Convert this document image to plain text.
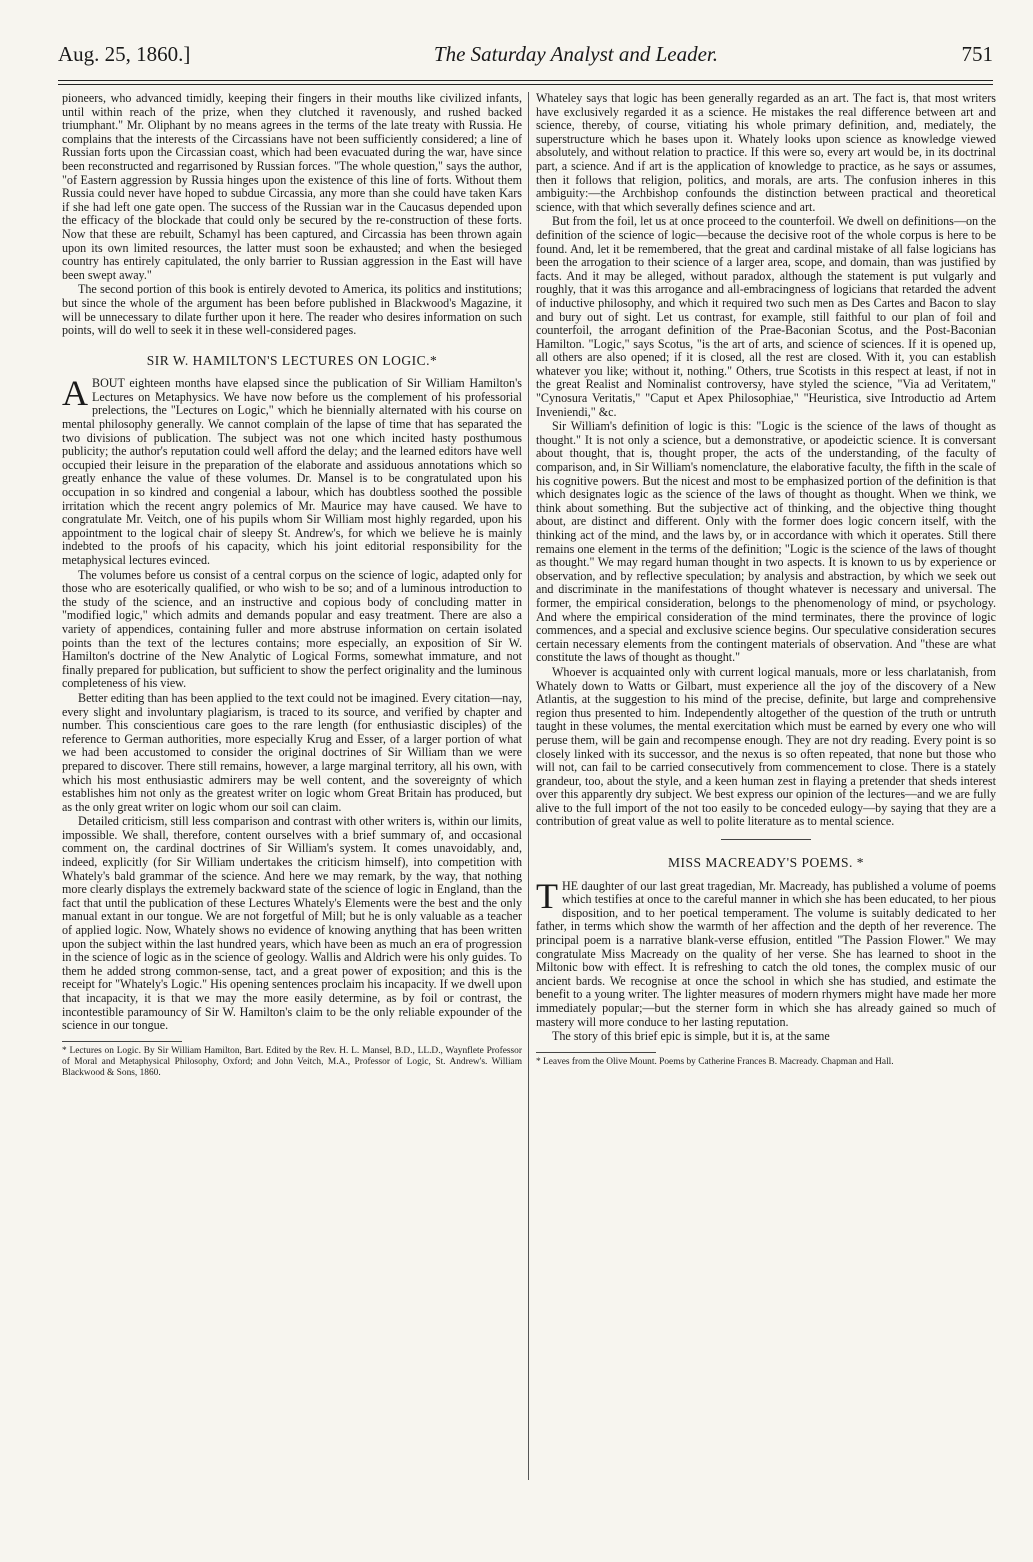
Aug. 25, 1860.]	The Saturday Analyst and Leader.	751

pioneers, who advanced timidly, keeping their fingers in their mouths like civilized infants, until within reach of the prize, when they clutched it ravenously, and rushed backed triumphant." Mr. Oliphant by no means agrees in the terms of the late treaty with Russia. He complains that the interests of the Circassians have not been sufficiently considered; a line of Russian forts upon the Circassian coast, which had been evacuated during the war, have since been reconstructed and regarrisoned by Russian forces. "The whole question," says the author, "of Eastern aggression by Russia hinges upon the existence of this line of forts. Without them Russia could never have hoped to subdue Circassia, any more than she could have taken Kars if she had left one gate open. The success of the Russian war in the Caucasus depended upon the efficacy of the blockade that could only be secured by the re-construction of these forts. Now that these are rebuilt, Schamyl has been captured, and Circassia has been thrown again upon its own limited resources, the latter must soon be exhausted; and when the besieged country has entirely capitulated, the only barrier to Russian aggression in the East will have been swept away."

The second portion of this book is entirely devoted to America, its politics and institutions; but since the whole of the argument has been before published in Blackwood's Magazine, it will be unnecessary to dilate further upon it here. The reader who desires information on such points, will do well to seek it in these well-considered pages.

SIR W. HAMILTON'S LECTURES ON LOGIC.*

ABOUT eighteen months have elapsed since the publication of Sir William Hamilton's Lectures on Metaphysics. We have now before us the complement of his professorial prelections, the "Lectures on Logic," which he biennially alternated with his course on mental philosophy generally. We cannot complain of the lapse of time that has separated the two divisions of publication. The subject was not one which incited hasty posthumous publicity; the author's reputation could well afford the delay; and the learned editors have well occupied their leisure in the preparation of the elaborate and assiduous annotations which so greatly enhance the value of these volumes. Dr. Mansel is to be congratulated upon his occupation in so kindred and congenial a labour, which has doubtless soothed the possible irritation which the recent angry polemics of Mr. Maurice may have caused. We have to congratulate Mr. Veitch, one of his pupils whom Sir William most highly regarded, upon his appointment to the logical chair of sleepy St. Andrew's, for which we believe he is mainly indebted to the proofs of his capacity, which his joint editorial responsibility for the metaphysical lectures evinced.

The volumes before us consist of a central corpus on the science of logic, adapted only for those who are esoterically qualified, or who wish to be so; and of a luminous introduction to the study of the science, and an instructive and copious body of concluding matter in "modified logic," which admits and demands popular and easy treatment. There are also a variety of appendices, containing fuller and more abstruse information on certain isolated points than the text of the lectures contains; more especially, an exposition of Sir W. Hamilton's doctrine of the New Analytic of Logical Forms, somewhat immature, and not finally prepared for publication, but sufficient to show the perfect originality and the luminous completeness of his view.

Better editing than has been applied to the text could not be imagined. Every citation—nay, every slight and involuntary plagiarism, is traced to its source, and verified by chapter and number. This conscientious care goes to the rare length (for enthusiastic disciples) of the reference to German authorities, more especially Krug and Esser, of a larger portion of what we had been accustomed to consider the original doctrines of Sir William than we were prepared to discover. There still remains, however, a large marginal territory, all his own, with which his most enthusiastic admirers may be well content, and the sovereignty of which establishes him not only as the greatest writer on logic whom Great Britain has produced, but as the only great writer on logic whom our soil can claim.

Detailed criticism, still less comparison and contrast with other writers is, within our limits, impossible. We shall, therefore, content ourselves with a brief summary of, and occasional comment on, the cardinal doctrines of Sir William's system. It comes unavoidably, and, indeed, explicitly (for Sir William undertakes the criticism himself), into competition with Whately's bald grammar of the science. And here we may remark, by the way, that nothing more clearly displays the extremely backward state of the science of logic in England, than the fact that until the publication of these Lectures Whately's Elements were the best and the only manual extant in our tongue. We are not forgetful of Mill; but he is only valuable as a teacher of applied logic. Now, Whately shows no evidence of knowing anything that has been written upon the subject within the last hundred years, which have been as much an era of progression in the science of logic as in the science of geology. Wallis and Aldrich were his only guides. To them he added strong common-sense, tact, and a great power of exposition; and this is the receipt for "Whately's Logic." His opening sentences proclaim his incapacity. If we dwell upon that incapacity, it is that we may the more easily determine, as by foil or contrast, the incontestible paramouncy of Sir W. Hamilton's claim to be the only reliable expounder of the science in our tongue.

* Lectures on Logic. By Sir William Hamilton, Bart. Edited by the Rev. H. L. Mansel, B.D., LL.D., Waynflete Professor of Moral and Metaphysical Philosophy, Oxford; and John Veitch, M.A., Professor of Logic, St. Andrew's. William Blackwood & Sons, 1860.

Whateley says that logic has been generally regarded as an art. The fact is, that most writers have exclusively regarded it as a science. He mistakes the real difference between art and science, thereby, of course, vitiating his whole primary definition, and, mediately, the superstructure which he bases upon it. Whately looks upon science as knowledge viewed absolutely, and without relation to practice. If this were so, every art would be, in its doctrinal part, a science. And if art is the application of knowledge to practice, as he says or assumes, then it follows that religion, politics, and morals, are arts. The confusion inheres in this ambiguity:—the Archbishop confounds the distinction between practical and theoretical science, with that which severally defines science and art.

But from the foil, let us at once proceed to the counterfoil. We dwell on definitions—on the definition of the science of logic—because the decisive root of the whole corpus is here to be found. And, let it be remembered, that the great and cardinal mistake of all false logicians has been the arrogation to their science of a larger area, scope, and domain, than was justified by facts. And it may be alleged, without paradox, although the statement is put vulgarly and roughly, that it was this arrogance and all-embracingness of logicians that retarded the advent of inductive philosophy, and which it required two such men as Des Cartes and Bacon to slay and bury out of sight. Let us contrast, for example, still faithful to our plan of foil and counterfoil, the arrogant definition of the Prae-Baconian Scotus, and the Post-Baconian Hamilton. "Logic," says Scotus, "is the art of arts, and science of sciences. If it is opened up, all others are also opened; if it is closed, all the rest are closed. With it, you can establish whatever you like; without it, nothing." Others, true Scotists in this respect at least, if not in the great Realist and Nominalist controversy, have styled the science, "Via ad Veritatem," "Cynosura Veritatis," "Caput et Apex Philosophiae," "Heuristica, sive Introductio ad Artem Inveniendi," &c.

Sir William's definition of logic is this: "Logic is the science of the laws of thought as thought." It is not only a science, but a demonstrative, or apodeictic science. It is conversant about thought, that is, thought proper, the acts of the understanding, of the faculty of comparison, and, in Sir William's nomenclature, the elaborative faculty, the fifth in the scale of his cognitive powers. But the nicest and most to be emphasized portion of the definition is that which designates logic as the science of the laws of thought as thought. When we think, we think about something. But the subjective act of thinking, and the objective thing thought about, are distinct and different. Only with the former does logic concern itself, with the thinking act of the mind, and the laws by, or in accordance with which it operates. Still there remains one element in the terms of the definition; "Logic is the science of the laws of thought as thought." We may regard human thought in two aspects. It is known to us by experience or observation, and by reflective speculation; by analysis and abstraction, by which we seek out and discriminate in the manifestations of thought whatever is necessary and universal. The former, the empirical consideration, belongs to the phenomenology of mind, or psychology. And where the empirical consideration of the mind terminates, there the province of logic commences, and a special and exclusive science begins. Our speculative consideration secures certain necessary elements from the contingent materials of observation. And "these are what constitute the laws of thought as thought."

Whoever is acquainted only with current logical manuals, more or less charlatanish, from Whately down to Watts or Gilbart, must experience all the joy of the discovery of a New Atlantis, at the suggestion to his mind of the precise, definite, but large and comprehensive region thus presented to him. Independently altogether of the question of the truth or untruth taught in these volumes, the mental exercitation which must be earned by every one who will peruse them, will be gain and recompense enough. They are not dry reading. Every point is so closely linked with its successor, and the nexus is so often repeated, that none but those who will not, can fail to be carried consecutively from commencement to close. There is a stately grandeur, too, about the style, and a keen human zest in flaying a pretender that sheds interest over this apparently dry subject. We best express our opinion of the lectures—and we are fully alive to the full import of the not too easily to be conceded eulogy—by saying that they are a contribution of great value as well to polite literature as to mental science.

MISS MACREADY'S POEMS. *

THE daughter of our last great tragedian, Mr. Macready, has published a volume of poems which testifies at once to the careful manner in which she has been educated, to her pious disposition, and to her poetical temperament. The volume is suitably dedicated to her father, in terms which show the warmth of her affection and the depth of her reverence. The principal poem is a narrative blank-verse effusion, entitled "The Passion Flower." We may congratulate Miss Macready on the quality of her verse. She has learned to shoot in the Miltonic bow with effect. It is refreshing to catch the old tones, the complex music of our ancient bards. We recognise at once the school in which she has studied, and estimate the benefit to a young writer. The lighter measures of modern rhymers might have made her more immediately popular;—but the sterner form in which she has already gained so much of mastery will more conduce to her lasting reputation.

The story of this brief epic is simple, but it is, at the same

* Leaves from the Olive Mount. Poems by Catherine Frances B. Macready. Chapman and Hall.
